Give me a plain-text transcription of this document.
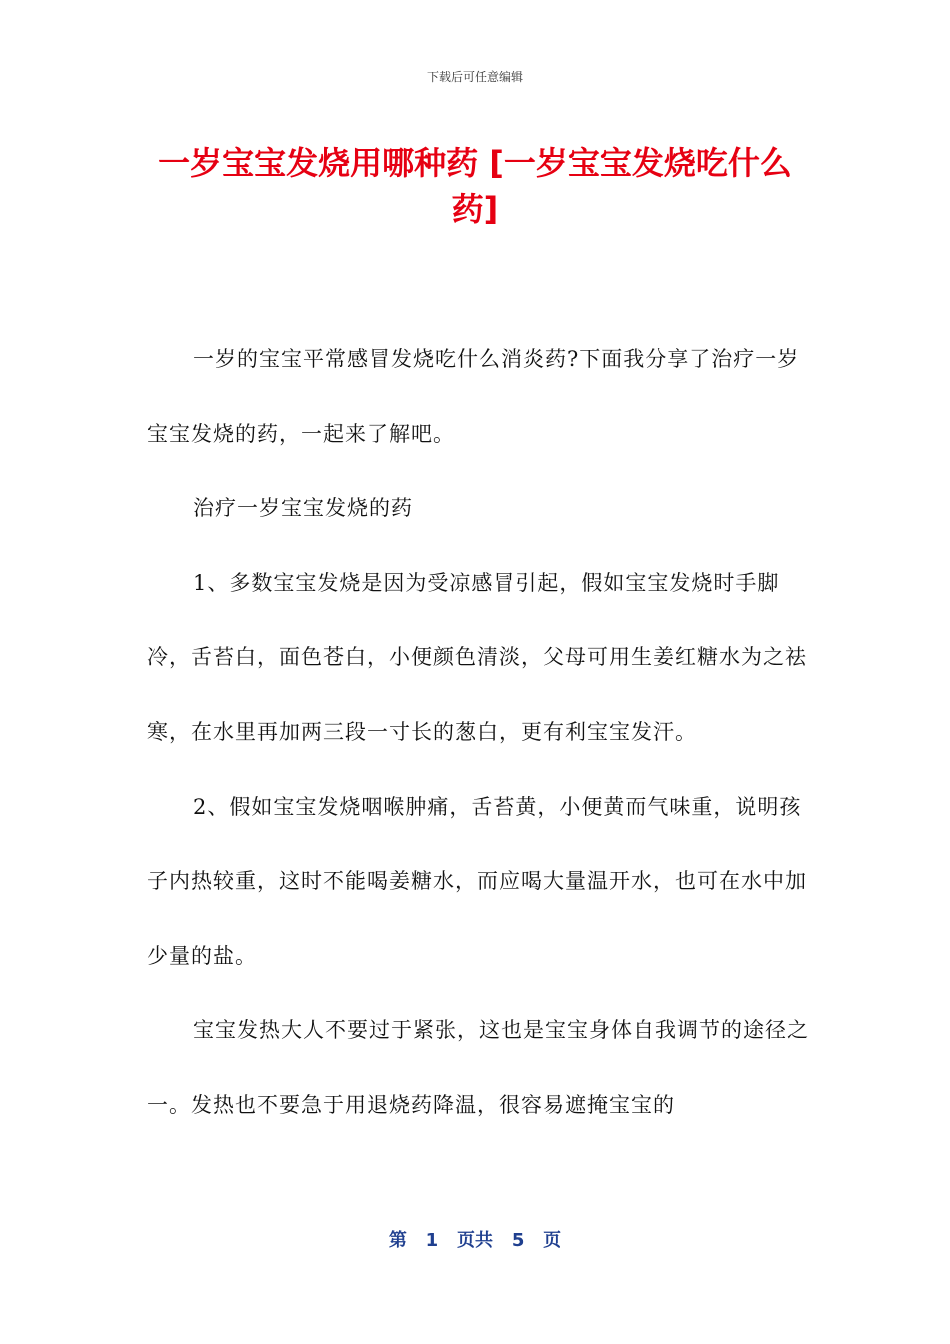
下载后可任意编辑
一岁宝宝发烧用哪种药 [一岁宝宝发烧吃什么药]

一岁的宝宝平常感冒发烧吃什么消炎药?下面我分享了治疗一岁宝宝发烧的药，一起来了解吧。

治疗一岁宝宝发烧的药

1、多数宝宝发烧是因为受凉感冒引起，假如宝宝发烧时手脚冷，舌苔白，面色苍白，小便颜色清淡，父母可用生姜红糖水为之祛寒，在水里再加两三段一寸长的葱白，更有利宝宝发汗。

2、假如宝宝发烧咽喉肿痛，舌苔黄，小便黄而气味重，说明孩子内热较重，这时不能喝姜糖水，而应喝大量温开水，也可在水中加少量的盐。

宝宝发热大人不要过于紧张，这也是宝宝身体自我调节的途径之一。发热也不要急于用退烧药降温，很容易遮掩宝宝的

第 1 页共 5 页
